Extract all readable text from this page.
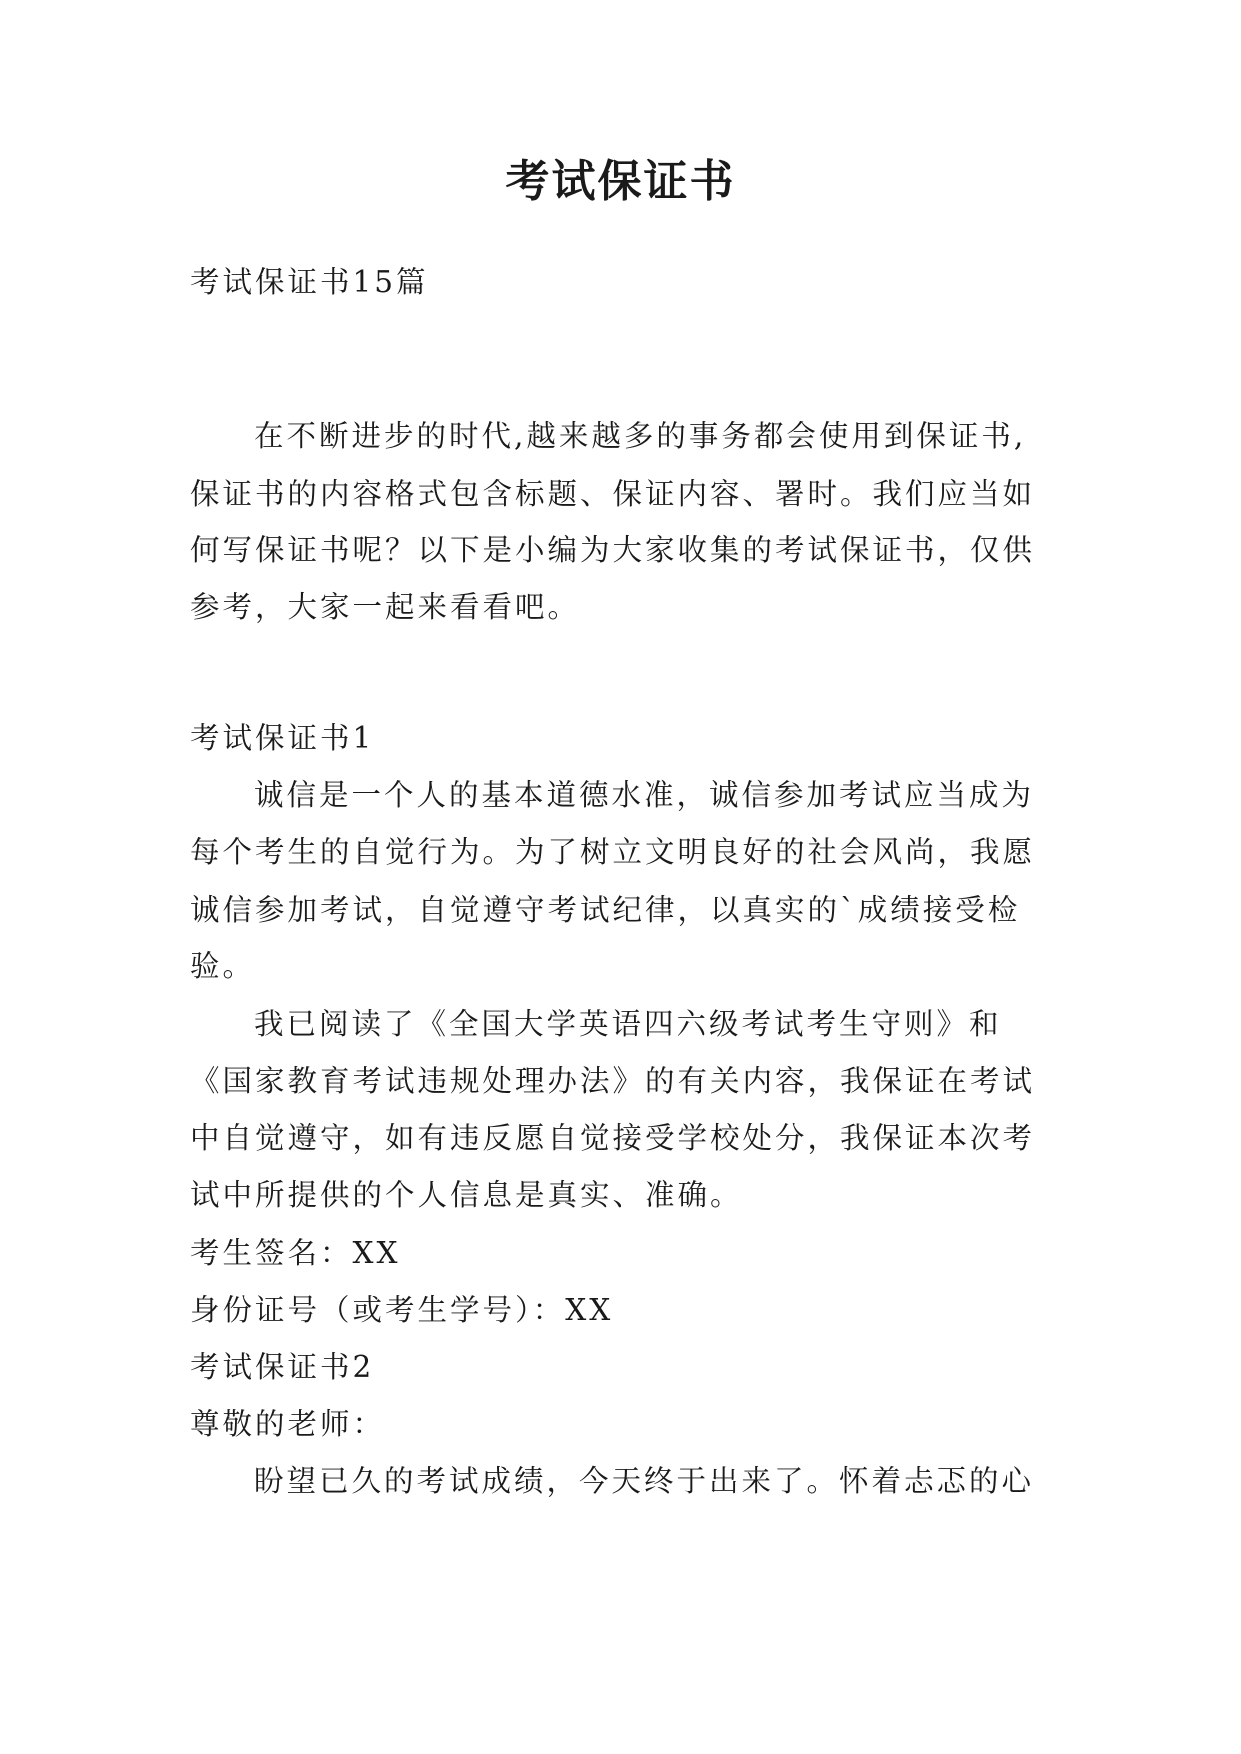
考试保证书
考试保证书15篇
在不断进步的时代,越来越多的事务都会使用到保证书,
保证书的内容格式包含标题、保证内容、署时。我们应当如
何写保证书呢？以下是小编为大家收集的考试保证书，仅供
参考，大家一起来看看吧。
考试保证书1
诚信是一个人的基本道德水准，诚信参加考试应当成为
每个考生的自觉行为。为了树立文明良好的社会风尚，我愿
诚信参加考试，自觉遵守考试纪律，以真实的`成绩接受检
验。
我已阅读了《全国大学英语四六级考试考生守则》和
《国家教育考试违规处理办法》的有关内容，我保证在考试
中自觉遵守，如有违反愿自觉接受学校处分，我保证本次考
试中所提供的个人信息是真实、准确。
考生签名：XX
身份证号（或考生学号）：XX
考试保证书2
尊敬的老师：
盼望已久的考试成绩，今天终于出来了。怀着忐忑的心
